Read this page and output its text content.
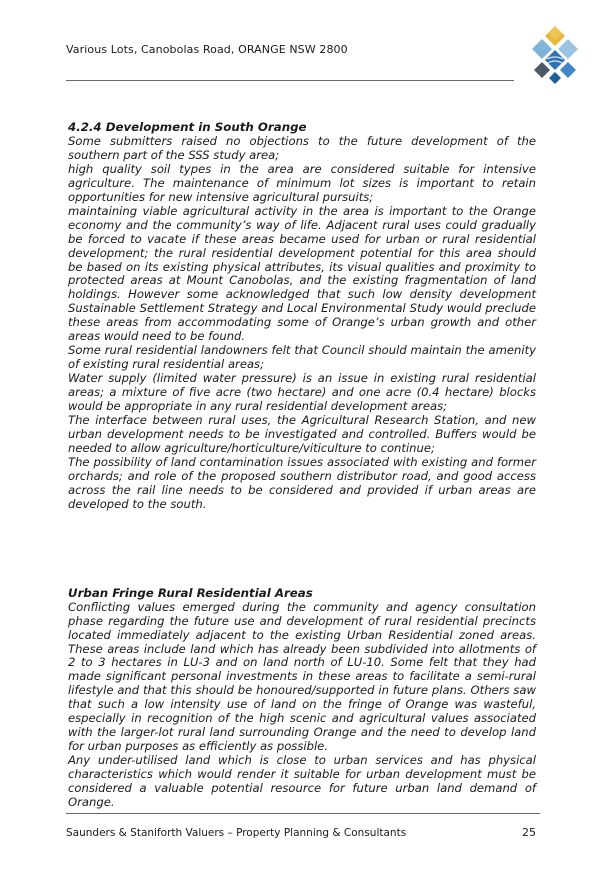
Various Lots, Canobolas Road, ORANGE NSW 2800

4.2.4 Development in South Orange

Some submitters raised no objections to the future development of the southern part of the SSS study area;

high quality soil types in the area are considered suitable for intensive agriculture. The maintenance of minimum lot sizes is important to retain opportunities for new intensive agricultural pursuits;

maintaining viable agricultural activity in the area is important to the Orange economy and the community’s way of life. Adjacent rural uses could gradually be forced to vacate if these areas became used for urban or rural residential development; the rural residential development potential for this area should be based on its existing physical attributes, its visual qualities and proximity to protected areas at Mount Canobolas, and the existing fragmentation of land holdings. However some acknowledged that such low density development Sustainable Settlement Strategy and Local Environmental Study would preclude these areas from accommodating some of Orange’s urban growth and other areas would need to be found.

Some rural residential landowners felt that Council should maintain the amenity of existing rural residential areas;

Water supply (limited water pressure) is an issue in existing rural residential areas; a mixture of five acre (two hectare) and one acre (0.4 hectare) blocks would be appropriate in any rural residential development areas;

The interface between rural uses, the Agricultural Research Station, and new urban development needs to be investigated and controlled. Buffers would be needed to allow agriculture/horticulture/viticulture to continue;

The possibility of land contamination issues associated with existing and former orchards; and role of the proposed southern distributor road, and good access across the rail line needs to be considered and provided if urban areas are developed to the south.

Urban Fringe Rural Residential Areas

Conflicting values emerged during the community and agency consultation phase regarding the future use and development of rural residential precincts located immediately adjacent to the existing Urban Residential zoned areas. These areas include land which has already been subdivided into allotments of 2 to 3 hectares in LU-3 and on land north of LU-10. Some felt that they had made significant personal investments in these areas to facilitate a semi-rural lifestyle and that this should be honoured/supported in future plans. Others saw that such a low intensity use of land on the fringe of Orange was wasteful, especially in recognition of the high scenic and agricultural values associated with the larger-lot rural land surrounding Orange and the need to develop land for urban purposes as efficiently as possible.

Any under-utilised land which is close to urban services and has physical characteristics which would render it suitable for urban development must be considered a valuable potential resource for future urban land demand of Orange.

Saunders & Staniforth Valuers – Property Planning & Consultants	25
